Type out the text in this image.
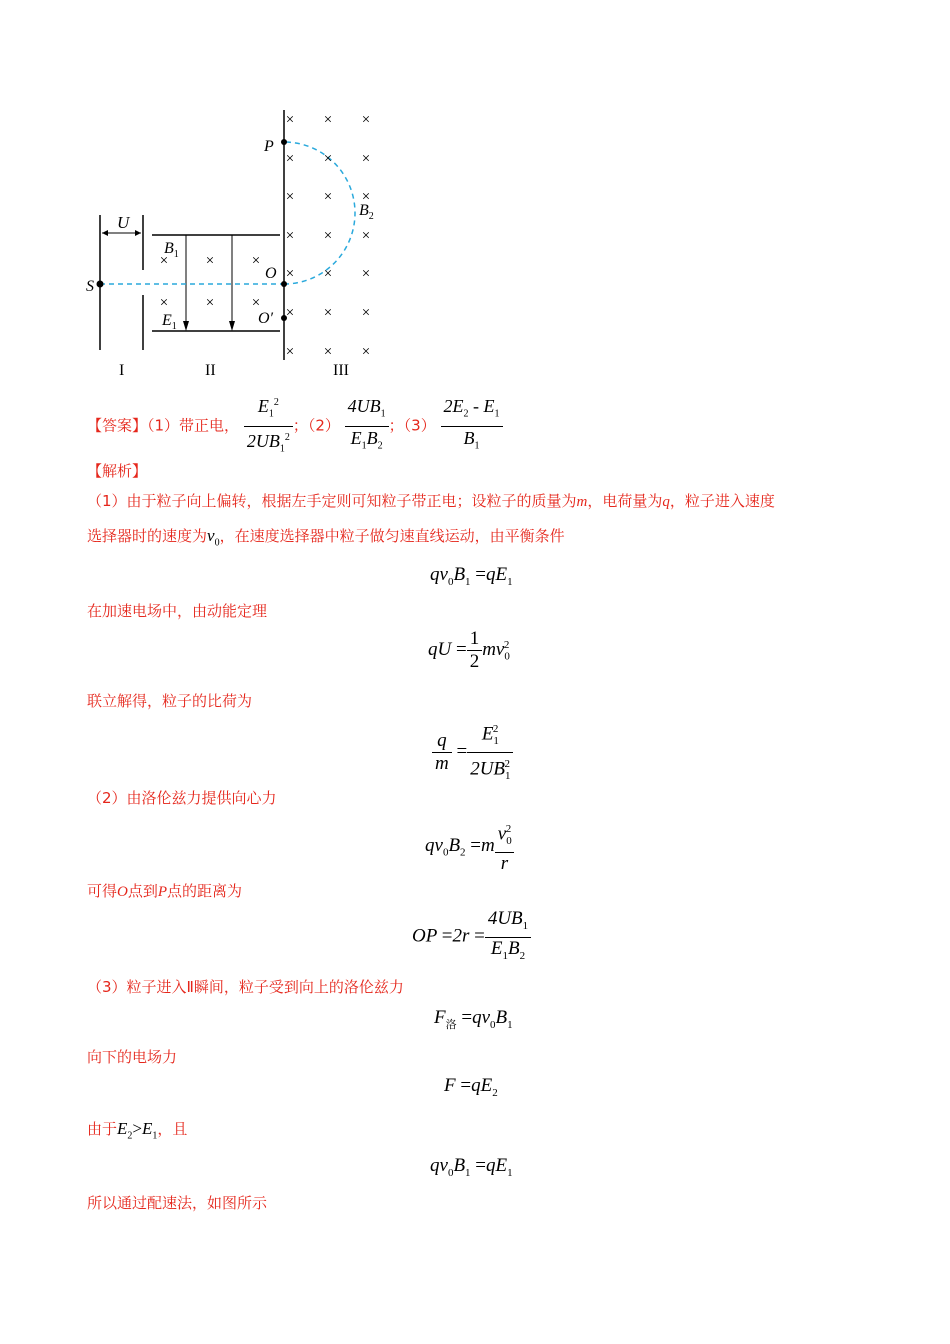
U
S
P
O
O′
$B_1$
$E_1$
$B_2$
I	II	III
×
×
×
×
×
×
×
×
×
×
×
×
×
×
×
×
×
×
×
×
×
×	×	×
×	×	×
【答案】（1）带正电， $\frac{E_1^2}{2UB_1^2}$ ；$(2) \frac{4UB_1}{E_1B_2}$ ；$(3) \frac{2E_2 - E_1}{B_1}$
【解析】
（1）由于粒子向上偏转，根据左手定则可知粒子带正电；设粒子的质量为m，电荷量为q，粒子进入速度
选择器时的速度为$v_0$，在速度选择器中粒子做匀速直线运动，由平衡条件
$qv_0B_1 =qE_1$
在加速电场中，由动能定理
qU = $\frac{1}{2} mv_0^2$
联立解得，粒子的比荷为
$\frac{q}{m} = \frac{E_1^2}{2UB_1^2}$
（2）由洛伦兹力提供向心力
$qv_0B_2 =m \frac{v_0^2}{r}$
可得O点到P点的距离为
OP $=2r = \frac{4UB_1}{E_1B_2}$
（3）粒子进入Ⅱ瞬间，粒子受到向上的洛伦兹力
$F_洛 =qv_0B_1$
向下的电场力
$F =qE_2$
由于$E_2>E_1$，且
$qv_0B_1 =qE_1$
所以通过配速法，如图所示
